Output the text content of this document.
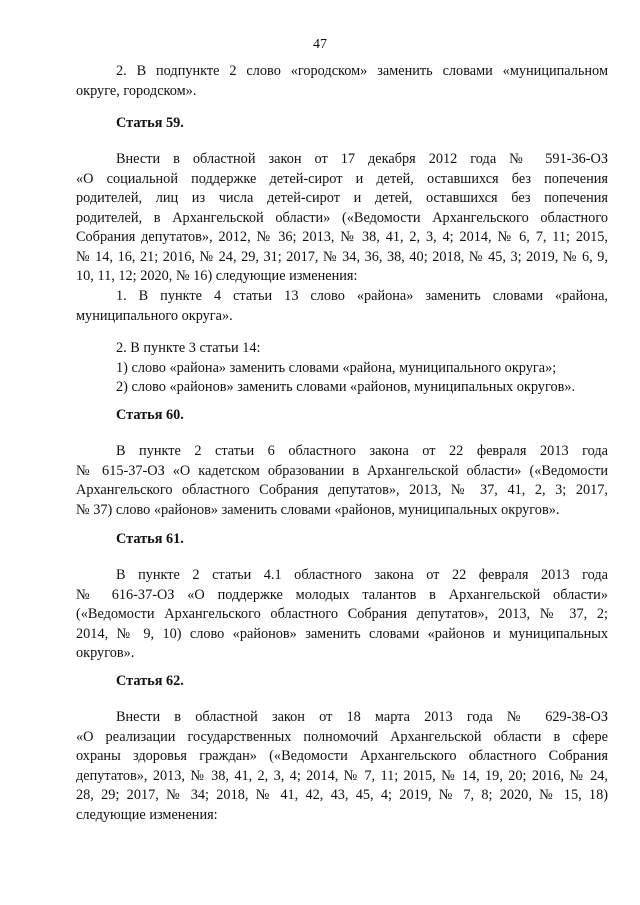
47
2. В подпункте 2 слово «городском» заменить словами «муниципальном
округе, городском».
Статья 59.
Внести в областной закон от 17 декабря 2012 года № 591-36-ОЗ
«О социальной поддержке детей-сирот и детей, оставшихся без попечения
родителей, лиц из числа детей-сирот и детей, оставшихся без попечения
родителей, в Архангельской области» («Ведомости Архангельского областного
Собрания депутатов», 2012, № 36; 2013, № 38, 41, 2, 3, 4; 2014, № 6, 7, 11; 2015,
№ 14, 16, 21; 2016, № 24, 29, 31; 2017, № 34, 36, 38, 40; 2018, № 45, 3; 2019, № 6, 9,
10, 11, 12; 2020, № 16) следующие изменения:
1. В пункте 4 статьи 13 слово «района» заменить словами «района,
муниципального округа».
2. В пункте 3 статьи 14:
1) слово «района» заменить словами «района, муниципального округа»;
2) слово «районов» заменить словами «районов, муниципальных округов».
Статья 60.
В пункте 2 статьи 6 областного закона от 22 февраля 2013 года
№ 615-37-ОЗ «О кадетском образовании в Архангельской области» («Ведомости
Архангельского областного Собрания депутатов», 2013, № 37, 41, 2, 3; 2017,
№ 37) слово «районов» заменить словами «районов, муниципальных округов».
Статья 61.
В пункте 2 статьи 4.1 областного закона от 22 февраля 2013 года
№ 616-37-ОЗ «О поддержке молодых талантов в Архангельской области»
(«Ведомости Архангельского областного Собрания депутатов», 2013, № 37, 2;
2014, № 9, 10) слово «районов» заменить словами «районов и муниципальных
округов».
Статья 62.
Внести в областной закон от 18 марта 2013 года № 629-38-ОЗ
«О реализации государственных полномочий Архангельской области в сфере
охраны здоровья граждан» («Ведомости Архангельского областного Собрания
депутатов», 2013, № 38, 41, 2, 3, 4; 2014, № 7, 11; 2015, № 14, 19, 20; 2016, № 24,
28, 29; 2017, № 34; 2018, № 41, 42, 43, 45, 4; 2019, № 7, 8; 2020, № 15, 18)
следующие изменения:
